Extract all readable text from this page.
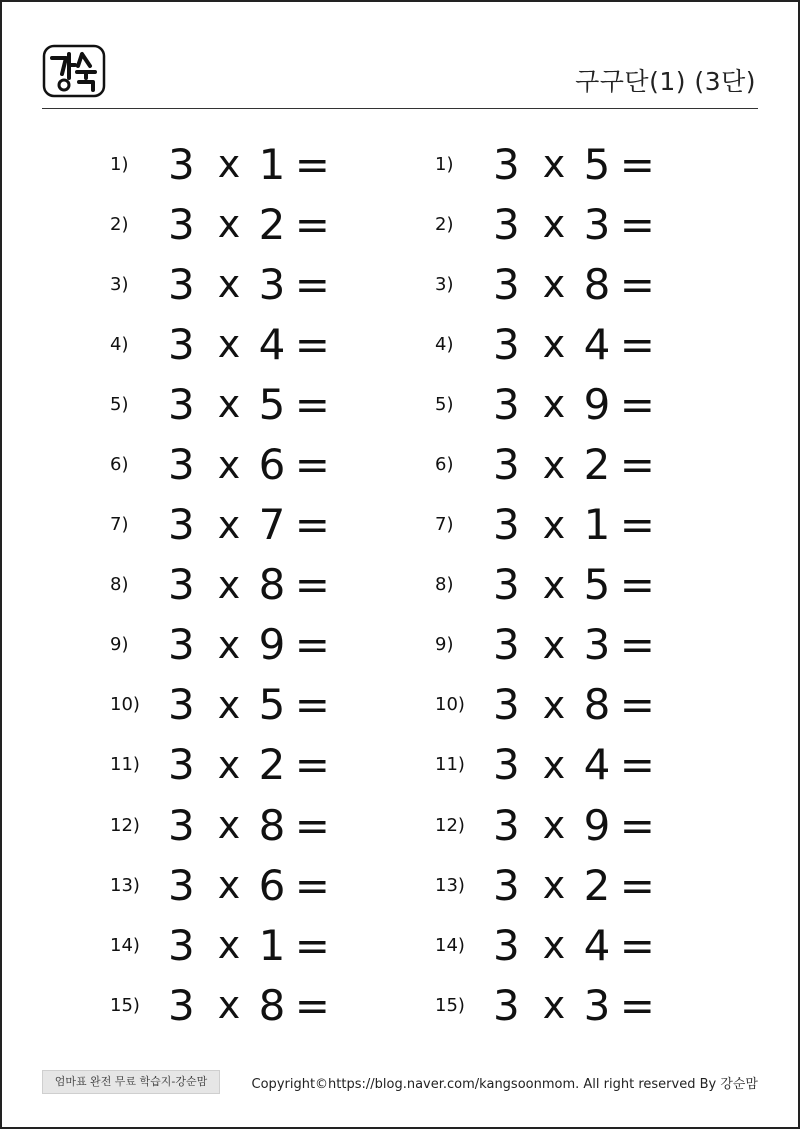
구구단(1) (3단)
1) 3 x 1 =
2) 3 x 2 =
3) 3 x 3 =
4) 3 x 4 =
5) 3 x 5 =
6) 3 x 6 =
7) 3 x 7 =
8) 3 x 8 =
9) 3 x 9 =
10) 3 x 5 =
11) 3 x 2 =
12) 3 x 8 =
13) 3 x 6 =
14) 3 x 1 =
15) 3 x 8 =
1) 3 x 5 =
2) 3 x 3 =
3) 3 x 8 =
4) 3 x 4 =
5) 3 x 9 =
6) 3 x 2 =
7) 3 x 1 =
8) 3 x 5 =
9) 3 x 3 =
10) 3 x 8 =
11) 3 x 4 =
12) 3 x 9 =
13) 3 x 2 =
14) 3 x 4 =
15) 3 x 3 =
엄마표 완전 무료 학습지-강순맘	Copyright©https://blog.naver.com/kangsoonmom. All right reserved By 강순맘
